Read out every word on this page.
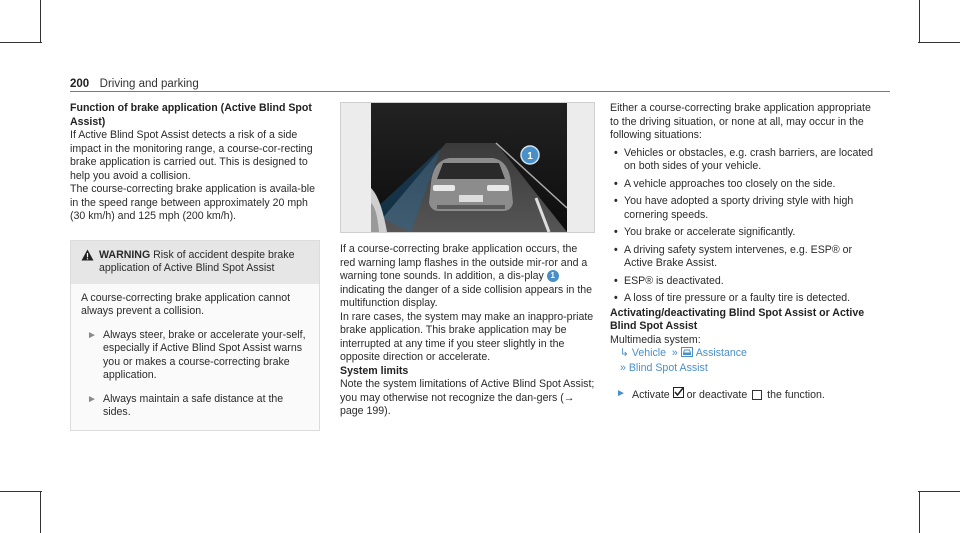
200 Driving and parking

Function of brake application (Active Blind Spot Assist)

If Active Blind Spot Assist detects a risk of a side impact in the monitoring range, a course-cor-recting brake application is carried out. This is designed to help you avoid a collision.

The course-correcting brake application is availa-ble in the speed range between approximately 20 mph (30 km/h) and 125 mph (200 km/h).

WARNING Risk of accident despite brake application of Active Blind Spot Assist

A course-correcting brake application cannot always prevent a collision.

► Always steer, brake or accelerate your-self, especially if Active Blind Spot Assist warns you or makes a course-correcting brake application.
► Always maintain a safe distance at the sides.
1

If a course-correcting brake application occurs, the red warning lamp flashes in the outside mir-ror and a warning tone sounds. In addition, a dis-play 1 indicating the danger of a side collision appears in the multifunction display.

In rare cases, the system may make an inappro-priate brake application. This brake application may be interrupted at any time if you steer slightly in the opposite direction or accelerate.

System limits

Note the system limitations of Active Blind Spot Assist; you may otherwise not recognize the dan-gers (→ page 199).

Either a course-correcting brake application appropriate to the driving situation, or none at all, may occur in the following situations:

• Vehicles or obstacles, e.g. crash barriers, are located on both sides of your vehicle.
• A vehicle approaches too closely on the side.
• You have adopted a sporty driving style with high cornering speeds.
• You brake or accelerate significantly.
• A driving safety system intervenes, e.g. ESP® or Active Brake Assist.
• ESP® is deactivated.
• A loss of tire pressure or a faulty tire is detected.

Activating/deactivating Blind Spot Assist or Active Blind Spot Assist

Multimedia system:

↳
Vehicle
»

Assistance
»
Blind Spot Assist
► Activate or deactivate the function.
